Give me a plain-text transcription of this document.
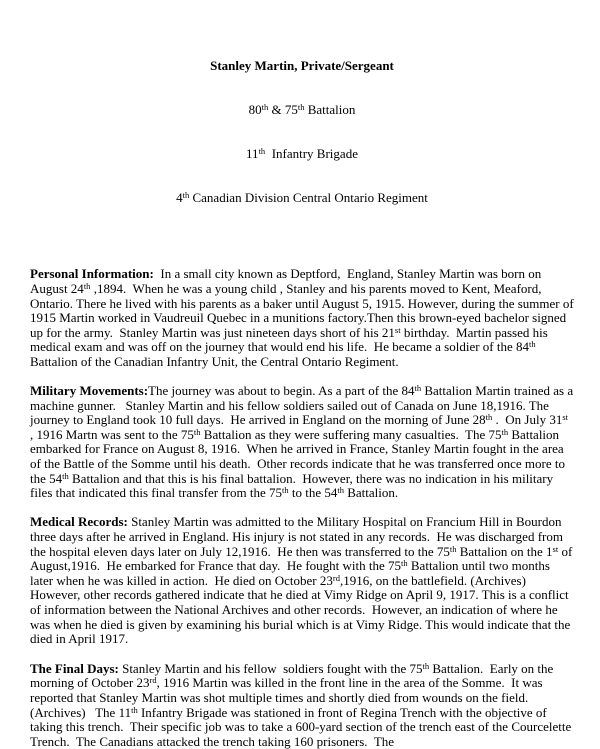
Stanley Martin, Private/Sergeant

80th & 75th Battalion

11th  Infantry Brigade

4th Canadian Division Central Ontario Regiment

Personal Information:  In a small city known as Deptford,  England, Stanley Martin was born on August 24th ,1894.  When he was a young child , Stanley and his parents moved to Kent, Meaford, Ontario. There he lived with his parents as a baker until August 5, 1915. However, during the summer of 1915 Martin worked in Vaudreuil Quebec in a munitions factory.Then this brown-eyed bachelor signed up for the army.  Stanley Martin was just nineteen days short of his 21st birthday.  Martin passed his medical exam and was off on the journey that would end his life.  He became a soldier of the 84th Battalion of the Canadian Infantry Unit, the Central Ontario Regiment.

Military Movements:The journey was about to begin. As a part of the 84th Battalion Martin trained as a machine gunner.   Stanley Martin and his fellow soldiers sailed out of Canada on June 18,1916. The journey to England took 10 full days.  He arrived in England on the morning of June 28th .  On July 31st , 1916 Martn was sent to the 75th Battalion as they were suffering many casualties.  The 75th Battalion embarked for France on August 8, 1916.  When he arrived in France, Stanley Martin fought in the area of the Battle of the Somme until his death.  Other records indicate that he was transferred once more to the 54th Battalion and that this is his final battalion.  However, there was no indication in his military files that indicated this final transfer from the 75th to the 54th Battalion.

Medical Records: Stanley Martin was admitted to the Military Hospital on Francium Hill in Bourdon three days after he arrived in England. His injury is not stated in any records.  He was discharged from the hospital eleven days later on July 12,1916.  He then was transferred to the 75th Battalion on the 1st of August,1916.  He embarked for France that day.  He fought with the 75th Battalion until two months later when he was killed in action.  He died on October 23rd,1916, on the battlefield. (Archives)  However, other records gathered indicate that he died at Vimy Ridge on April 9, 1917. This is a conflict of information between the National Archives and other records.  However, an indication of where he was when he died is given by examining his burial which is at Vimy Ridge. This would indicate that the died in April 1917.

The Final Days: Stanley Martin and his fellow  soldiers fought with the 75th Battalion.  Early on the morning of October 23rd, 1916 Martin was killed in the front line in the area of the Somme.  It was reported that Stanley Martin was shot multiple times and shortly died from wounds on the field. (Archives)   The 11th Infantry Brigade was stationed in front of Regina Trench with the objective of taking this trench.  Their specific job was to take a 600-yard section of the trench east of the Courcelette Trench.  The Canadians attacked the trench taking 160 prisoners.  The
